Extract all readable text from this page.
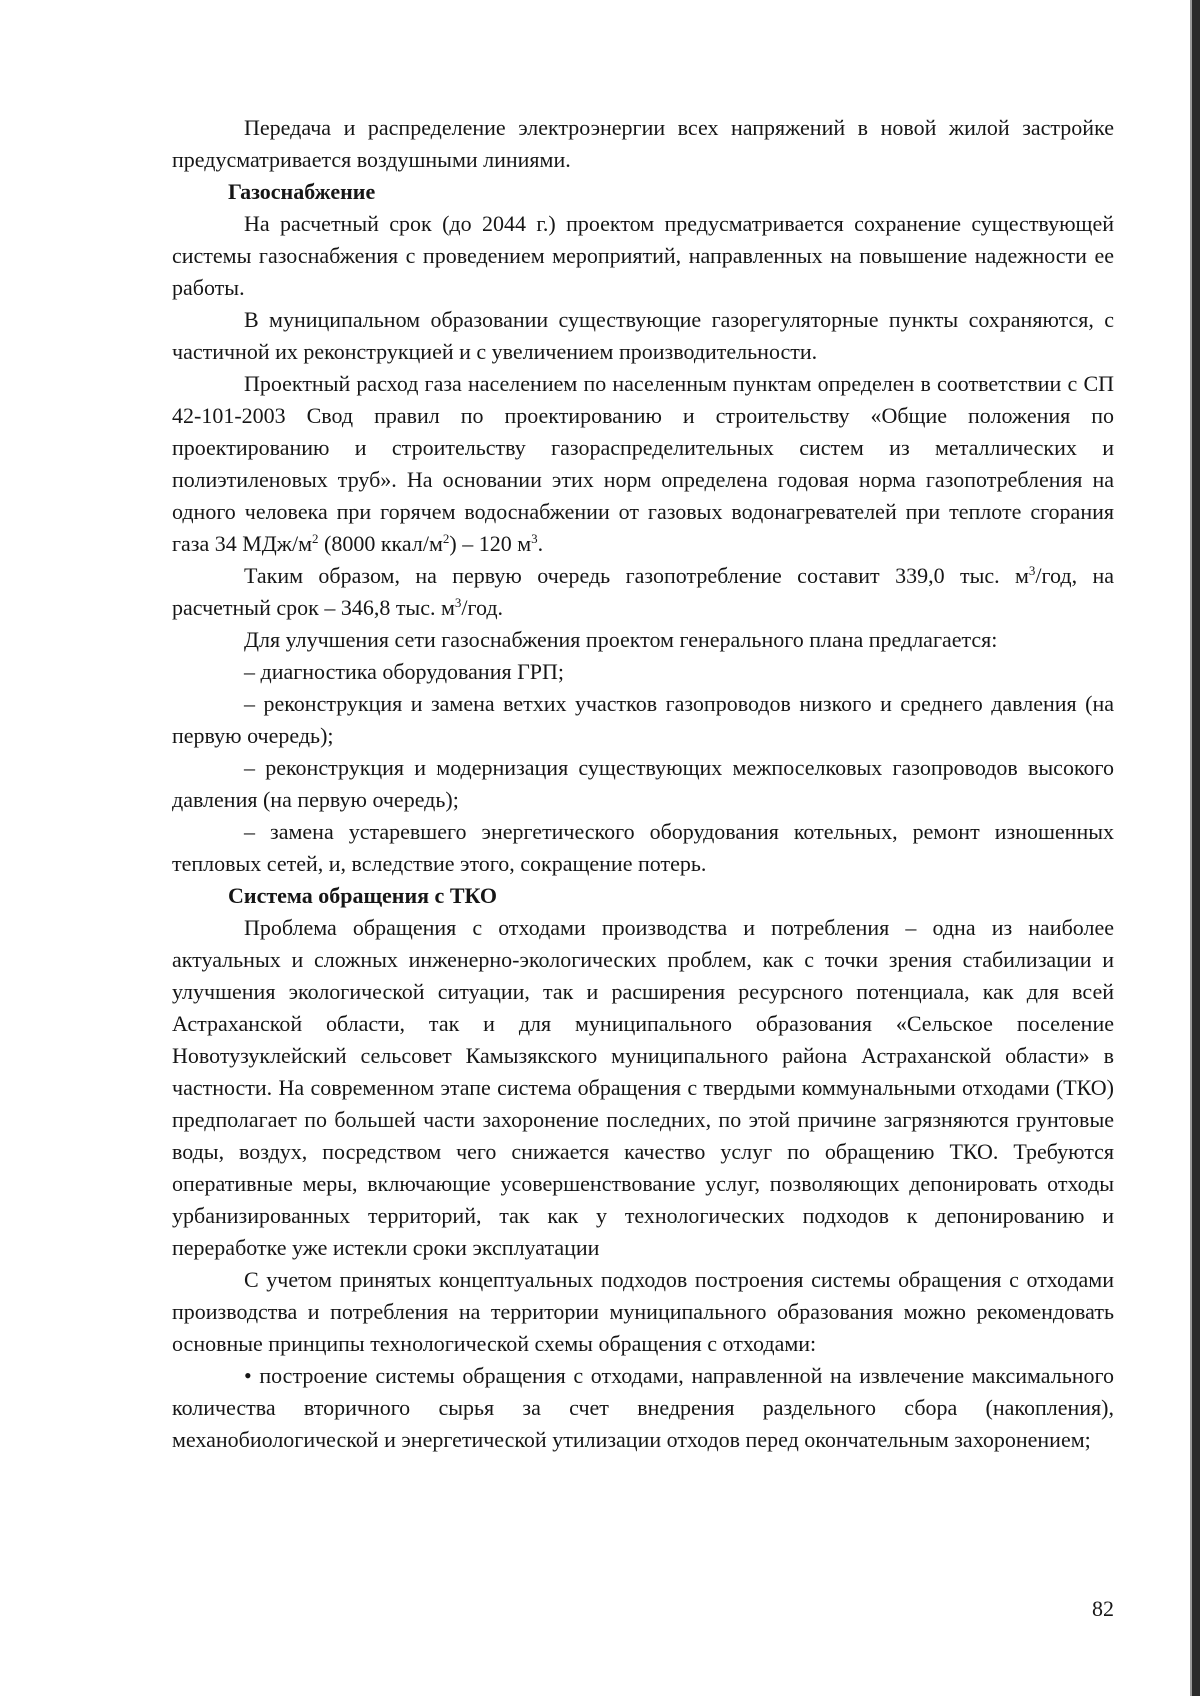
Передача и распределение электроэнергии всех напряжений в новой жилой застройке предусматривается воздушными линиями.

Газоснабжение

На расчетный срок (до 2044 г.) проектом предусматривается сохранение существующей системы газоснабжения с проведением мероприятий, направленных на повышение надежности ее работы.

В муниципальном образовании существующие газорегуляторные пункты сохраняются, с частичной их реконструкцией и с увеличением производительности.

Проектный расход газа населением по населенным пунктам определен в соответствии с СП 42-101-2003 Свод правил по проектированию и строительству «Общие положения по проектированию и строительству газораспределительных систем из металлических и полиэтиленовых труб». На основании этих норм определена годовая норма газопотребления на одного человека при горячем водоснабжении от газовых водонагревателей при теплоте сгорания газа 34 МДж/$м^2$ (8000 ккал/$м^2) - 120$ $м^3$.

Таким образом, на первую очередь газопотребление составит 339,0 тыс. $м^3$/год, на расчетный срок – 346,8 тыс. $м^3$/год.

Для улучшения сети газоснабжения проектом генерального плана предлагается:

– диагностика оборудования ГРП;

– реконструкция и замена ветхих участков газопроводов низкого и среднего давления (на первую очередь);

– реконструкция и модернизация существующих межпоселковых газопроводов высокого давления (на первую очередь);

– замена устаревшего энергетического оборудования котельных, ремонт изношенных тепловых сетей, и, вследствие этого, сокращение потерь.

Система обращения с ТКО

Проблема обращения с отходами производства и потребления – одна из наиболее актуальных и сложных инженерно-экологических проблем, как с точки зрения стабилизации и улучшения экологической ситуации, так и расширения ресурсного потенциала, как для всей Астраханской области, так и для муниципального образования «Сельское поселение Новотузуклейский сельсовет Камызякского муниципального района Астраханской области» в частности. На современном этапе система обращения с твердыми коммунальными отходами (ТКО) предполагает по большей части захоронение последних, по этой причине загрязняются грунтовые воды, воздух, посредством чего снижается качество услуг по обращению ТКО. Требуются оперативные меры, включающие усовершенствование услуг, позволяющих депонировать отходы урбанизированных территорий, так как у технологических подходов к депонированию и переработке уже истекли сроки эксплуатации

С учетом принятых концептуальных подходов построения системы обращения с отходами производства и потребления на территории муниципального образования можно рекомендовать основные принципы технологической схемы обращения с отходами:

• построение системы обращения с отходами, направленной на извлечение максимального количества вторичного сырья за счет внедрения раздельного сбора (накопления), механобиологической и энергетической утилизации отходов перед окончательным захоронением;

82
